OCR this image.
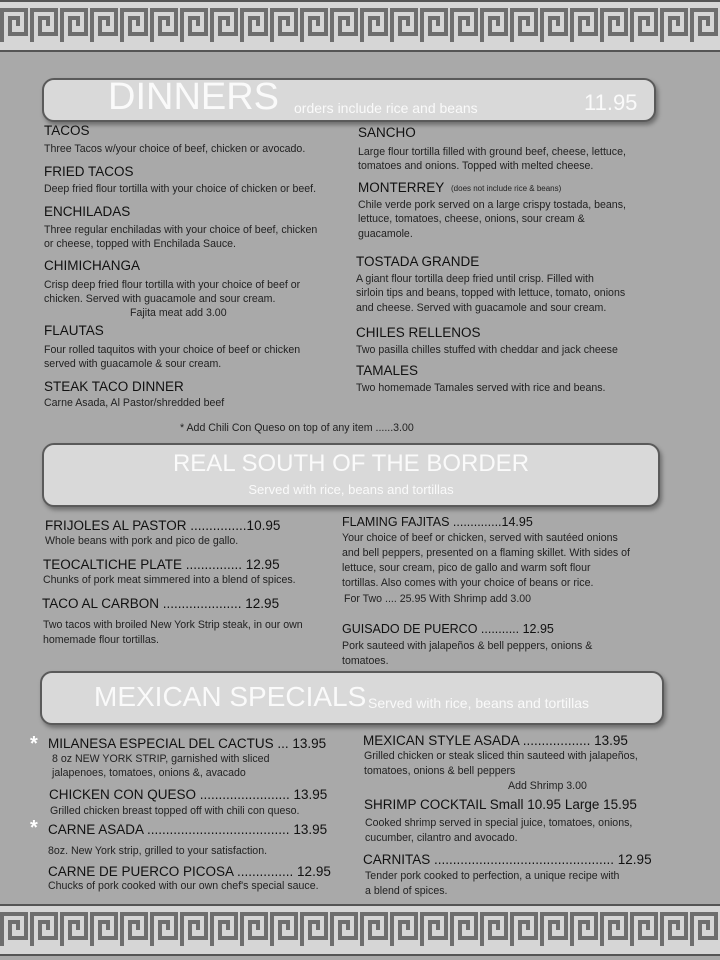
DINNERS orders include rice and beans	11.95
TACOS
Three Tacos w/your choice of beef, chicken or avocado.
FRIED TACOS
Deep fried flour tortilla with your choice of chicken or beef.
ENCHILADAS
Three regular enchiladas with your choice of beef, chicken
or cheese, topped with Enchilada Sauce.
CHIMICHANGA
Crisp deep fried flour tortilla with your choice of beef or
chicken. Served with guacamole and sour cream.
Fajita meat add 3.00
FLAUTAS
Four rolled taquitos with your choice of beef or chicken
served with guacamole & sour cream.
STEAK TACO DINNER
Carne Asada, Al Pastor/shredded beef
SANCHO
Large flour tortilla filled with ground beef, cheese, lettuce,
tomatoes and onions. Topped with melted cheese.
MONTERREY (does not include rice & beans)
Chile verde pork served on a large crispy tostada, beans,
lettuce, tomatoes, cheese, onions, sour cream &
guacamole.
TOSTADA GRANDE
A giant flour tortilla deep fried until crisp. Filled with
sirloin tips and beans, topped with lettuce, tomato, onions
and cheese. Served with guacamole and sour cream.
CHILES RELLENOS
Two pasilla chilles stuffed with cheddar and jack cheese
TAMALES
Two homemade Tamales served with rice and beans.
* Add Chili Con Queso on top of any item ......3.00
REAL SOUTH OF THE BORDER
Served with rice, beans and tortillas
FRIJOLES AL PASTOR ...............10.95
Whole beans with pork and pico de gallo.
TEOCALTICHE PLATE ............... 12.95
Chunks of pork meat simmered into a blend of spices.
TACO AL CARBON ..................... 12.95
Two tacos with broiled New York Strip steak, in our own
homemade flour tortillas.
FLAMING FAJITAS ..............14.95
Your choice of beef or chicken, served with sautéed onions
and bell peppers, presented on a flaming skillet. With sides of
lettuce, sour cream, pico de gallo and warm soft flour
tortillas. Also comes with your choice of beans or rice.
For Two .... 25.95 With Shrimp add 3.00
GUISADO DE PUERCO ........... 12.95
Pork sauteed with jalapeños & bell peppers, onions &
tomatoes.
MEXICAN SPECIALS Served with rice, beans and tortillas
* MILANESA ESPECIAL DEL CACTUS ... 13.95
8 oz NEW YORK STRIP, garnished with sliced
jalapenoes, tomatoes, onions &, avacado
CHICKEN CON QUESO ........................ 13.95
Grilled chicken breast topped off with chili con queso.
* CARNE ASADA ...................................... 13.95
8oz. New York strip, grilled to your satisfaction.
CARNE DE PUERCO PICOSA ............... 12.95
Chucks of pork cooked with our own chef's special sauce.
MEXICAN STYLE ASADA .................. 13.95
Grilled chicken or steak sliced thin sauteed with jalapeños,
tomatoes, onions & bell peppers
Add Shrimp 3.00
SHRIMP COCKTAIL Small 10.95 Large 15.95
Cooked shrimp served in special juice, tomatoes, onions,
cucumber, cilantro and avocado.
CARNITAS ................................................ 12.95
Tender pork cooked to perfection, a unique recipe with
a blend of spices.
